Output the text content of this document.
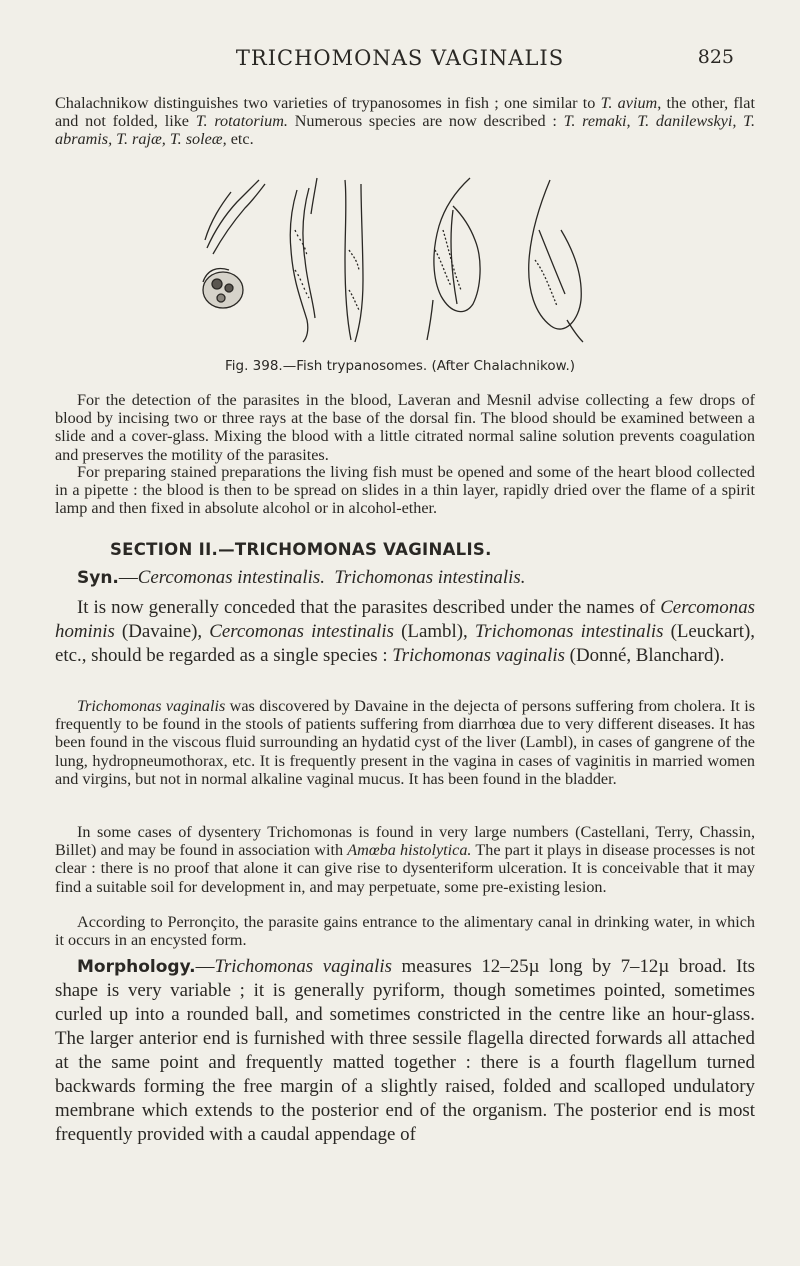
TRICHOMONAS VAGINALIS	825

Chalachnikow distinguishes two varieties of trypanosomes in fish ; one similar to T. avium, the other, flat and not folded, like T. rotatorium. Numerous species are now described : T. remaki, T. danilewskyi, T. abramis, T. rajæ, T. soleæ, etc.

Fig. 398.—Fish trypanosomes. (After Chalachnikow.)

For the detection of the parasites in the blood, Laveran and Mesnil advise collecting a few drops of blood by incising two or three rays at the base of the dorsal fin. The blood should be examined between a slide and a cover-glass. Mixing the blood with a little citrated normal saline solution prevents coagulation and preserves the motility of the parasites.

For preparing stained preparations the living fish must be opened and some of the heart blood collected in a pipette : the blood is then to be spread on slides in a thin layer, rapidly dried over the flame of a spirit lamp and then fixed in absolute alcohol or in alcohol-ether.

SECTION II.—TRICHOMONAS VAGINALIS.

Syn.—Cercomonas intestinalis. Trichomonas intestinalis.

It is now generally conceded that the parasites described under the names of Cercomonas hominis (Davaine), Cercomonas intestinalis (Lambl), Trichomonas intestinalis (Leuckart), etc., should be regarded as a single species : Trichomonas vaginalis (Donné, Blanchard).

Trichomonas vaginalis was discovered by Davaine in the dejecta of persons suffering from cholera. It is frequently to be found in the stools of patients suffering from diarrhœa due to very different diseases. It has been found in the viscous fluid surrounding an hydatid cyst of the liver (Lambl), in cases of gangrene of the lung, hydropneumothorax, etc. It is frequently present in the vagina in cases of vaginitis in married women and virgins, but not in normal alkaline vaginal mucus. It has been found in the bladder.

In some cases of dysentery Trichomonas is found in very large numbers (Castellani, Terry, Chassin, Billet) and may be found in association with Amœba histolytica. The part it plays in disease processes is not clear : there is no proof that alone it can give rise to dysenteriform ulceration. It is conceivable that it may find a suitable soil for development in, and may perpetuate, some pre-existing lesion.

According to Perronçito, the parasite gains entrance to the alimentary canal in drinking water, in which it occurs in an encysted form.

Morphology.—Trichomonas vaginalis measures 12–25µ long by 7–12µ broad. Its shape is very variable ; it is generally pyriform, though sometimes pointed, sometimes curled up into a rounded ball, and sometimes constricted in the centre like an hour-glass. The larger anterior end is furnished with three sessile flagella directed forwards all attached at the same point and frequently matted together : there is a fourth flagellum turned backwards forming the free margin of a slightly raised, folded and scalloped undulatory membrane which extends to the posterior end of the organism. The posterior end is most frequently provided with a caudal appendage of
